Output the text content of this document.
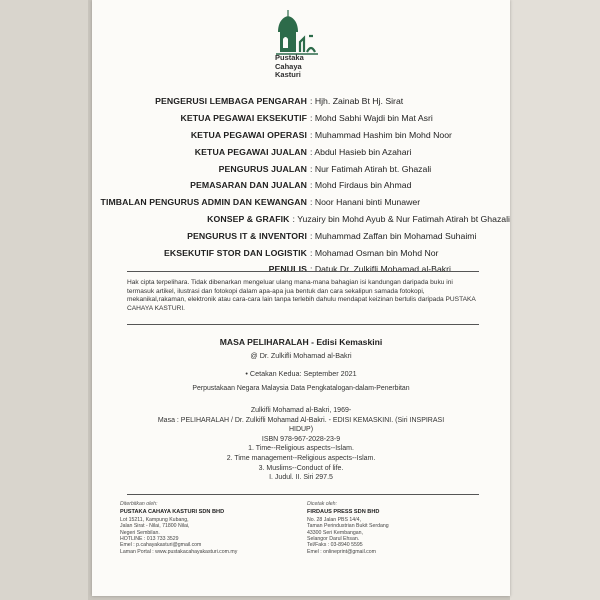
Pustaka
Cahaya
Kasturi
PENGERUSI LEMBAGA PENGARAH : Hjh. Zainab Bt Hj. Sirat
KETUA PEGAWAI EKSEKUTIF : Mohd Sabhi Wajdi bin Mat Asri
KETUA PEGAWAI OPERASI : Muhammad Hashim bin Mohd Noor
KETUA PEGAWAI JUALAN : Abdul Hasieb bin Azahari
PENGURUS JUALAN : Nur Fatimah Atirah bt. Ghazali
PEMASARAN DAN JUALAN : Mohd Firdaus bin Ahmad
TIMBALAN PENGURUS ADMIN DAN KEWANGAN : Noor Hanani binti Munawer
KONSEP & GRAFIK : Yuzairy bin Mohd Ayub & Nur Fatimah Atirah bt Ghazali
PENGURUS IT & INVENTORI : Muhammad Zaffan bin Mohamad Suhaimi
EKSEKUTIF STOR DAN LOGISTIK : Mohamad Osman bin Mohd Nor
PENULIS : Datuk Dr. Zulkifli Mohamad al-Bakri
Hak cipta terpelihara. Tidak dibenarkan mengeluar ulang mana-mana bahagian isi kandungan daripada buku ini termasuk artikel, ilustrasi dan fotokopi dalam apa-apa jua bentuk dan cara sekalipun samada fotokopi, mekanikal,rakaman, elektronik atau cara-cara lain tanpa terlebih dahulu mendapat keizinan bertulis daripada PUSTAKA CAHAYA KASTURI.
MASA PELIHARALAH - Edisi Kemaskini
@ Dr. Zulkifli Mohamad al-Bakri
• Cetakan Kedua: September 2021
Perpustakaan Negara Malaysia Data Pengkatalogan-dalam-Penerbitan
Zulkifli Mohamad al-Bakri, 1969-
Masa : PELIHARALAH / Dr. Zulkifli Mohamad Al-Bakri. - EDISI KEMASKINI. (Siri INSPIRASI
HIDUP)
ISBN 978-967-2028-23-9
1. Time--Religious aspects--Islam.
2. Time management--Religious aspects--Islam.
3. Muslims--Conduct of life.
I. Judul. II. Siri 297.5
Diterbitkan oleh:
PUSTAKA CAHAYA KASTURI SDN BHD
Lot 15211, Kampung Kubang,
Jalan Sirat - Nilai, 71800 Nilai,
Negeri Sembilan.
HOTLINE : 013 733 3529
Emel : p.cahayakasturi@gmail.com
Laman Portal : www.pustakacahayakasturi.com.my
Dicetak oleh:
FIRDAUS PRESS SDN BHD
No. 28 Jalan PBS 14/4,
Taman Perindustrian Bukit Serdang
43300 Seri Kembangan,
Selangor Darul Ehsan.
Tel/Faks : 03-8940 5595
Emel : onlineprint@gmail.com
